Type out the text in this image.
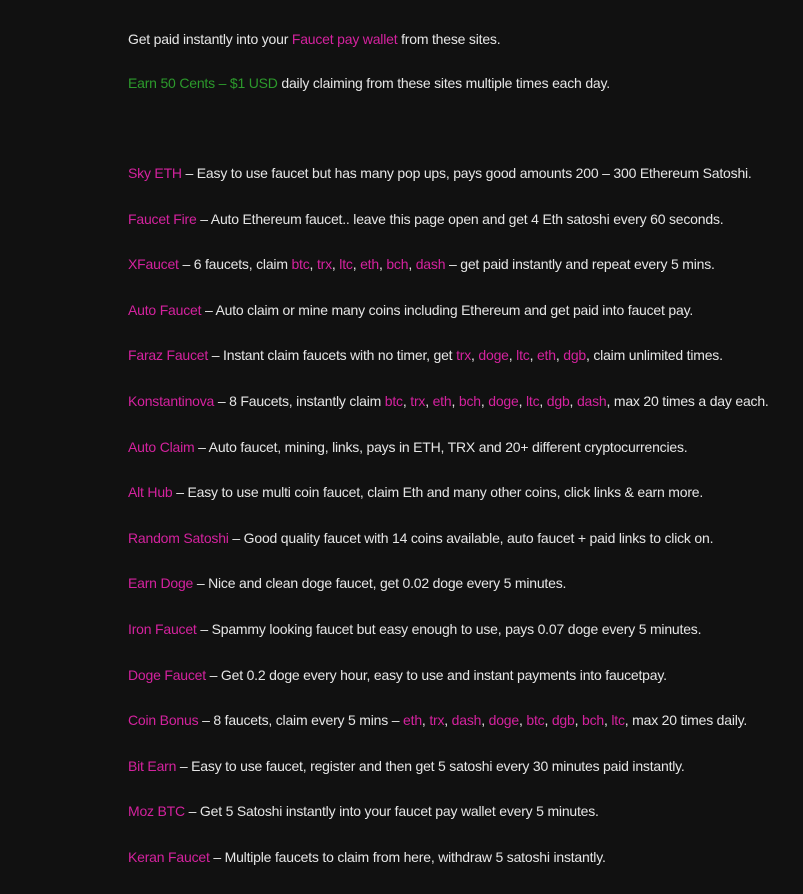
Get paid instantly into your Faucet pay wallet from these sites.

Earn 50 Cents – $1 USD daily claiming from these sites multiple times each day.

Sky ETH – Easy to use faucet but has many pop ups, pays good amounts 200 – 300 Ethereum Satoshi.

Faucet Fire – Auto Ethereum faucet.. leave this page open and get 4 Eth satoshi every 60 seconds.

XFaucet – 6 faucets, claim btc, trx, ltc, eth, bch, dash – get paid instantly and repeat every 5 mins.

Auto Faucet – Auto claim or mine many coins including Ethereum and get paid into faucet pay.

Faraz Faucet – Instant claim faucets with no timer, get trx, doge, ltc, eth, dgb, claim unlimited times.

Konstantinova – 8 Faucets, instantly claim btc, trx, eth, bch, doge, ltc, dgb, dash, max 20 times a day each.

Auto Claim – Auto faucet, mining, links, pays in ETH, TRX and 20+ different cryptocurrencies.

Alt Hub – Easy to use multi coin faucet, claim Eth and many other coins, click links & earn more.

Random Satoshi – Good quality faucet with 14 coins available, auto faucet + paid links to click on.

Earn Doge – Nice and clean doge faucet, get 0.02 doge every 5 minutes.

Iron Faucet – Spammy looking faucet but easy enough to use, pays 0.07 doge every 5 minutes.

Doge Faucet – Get 0.2 doge every hour, easy to use and instant payments into faucetpay.

Coin Bonus – 8 faucets, claim every 5 mins – eth, trx, dash, doge, btc, dgb, bch, ltc, max 20 times daily.

Bit Earn – Easy to use faucet, register and then get 5 satoshi every 30 minutes paid instantly.

Moz BTC – Get 5 Satoshi instantly into your faucet pay wallet every 5 minutes.

Keran Faucet – Multiple faucets to claim from here, withdraw 5 satoshi instantly.
